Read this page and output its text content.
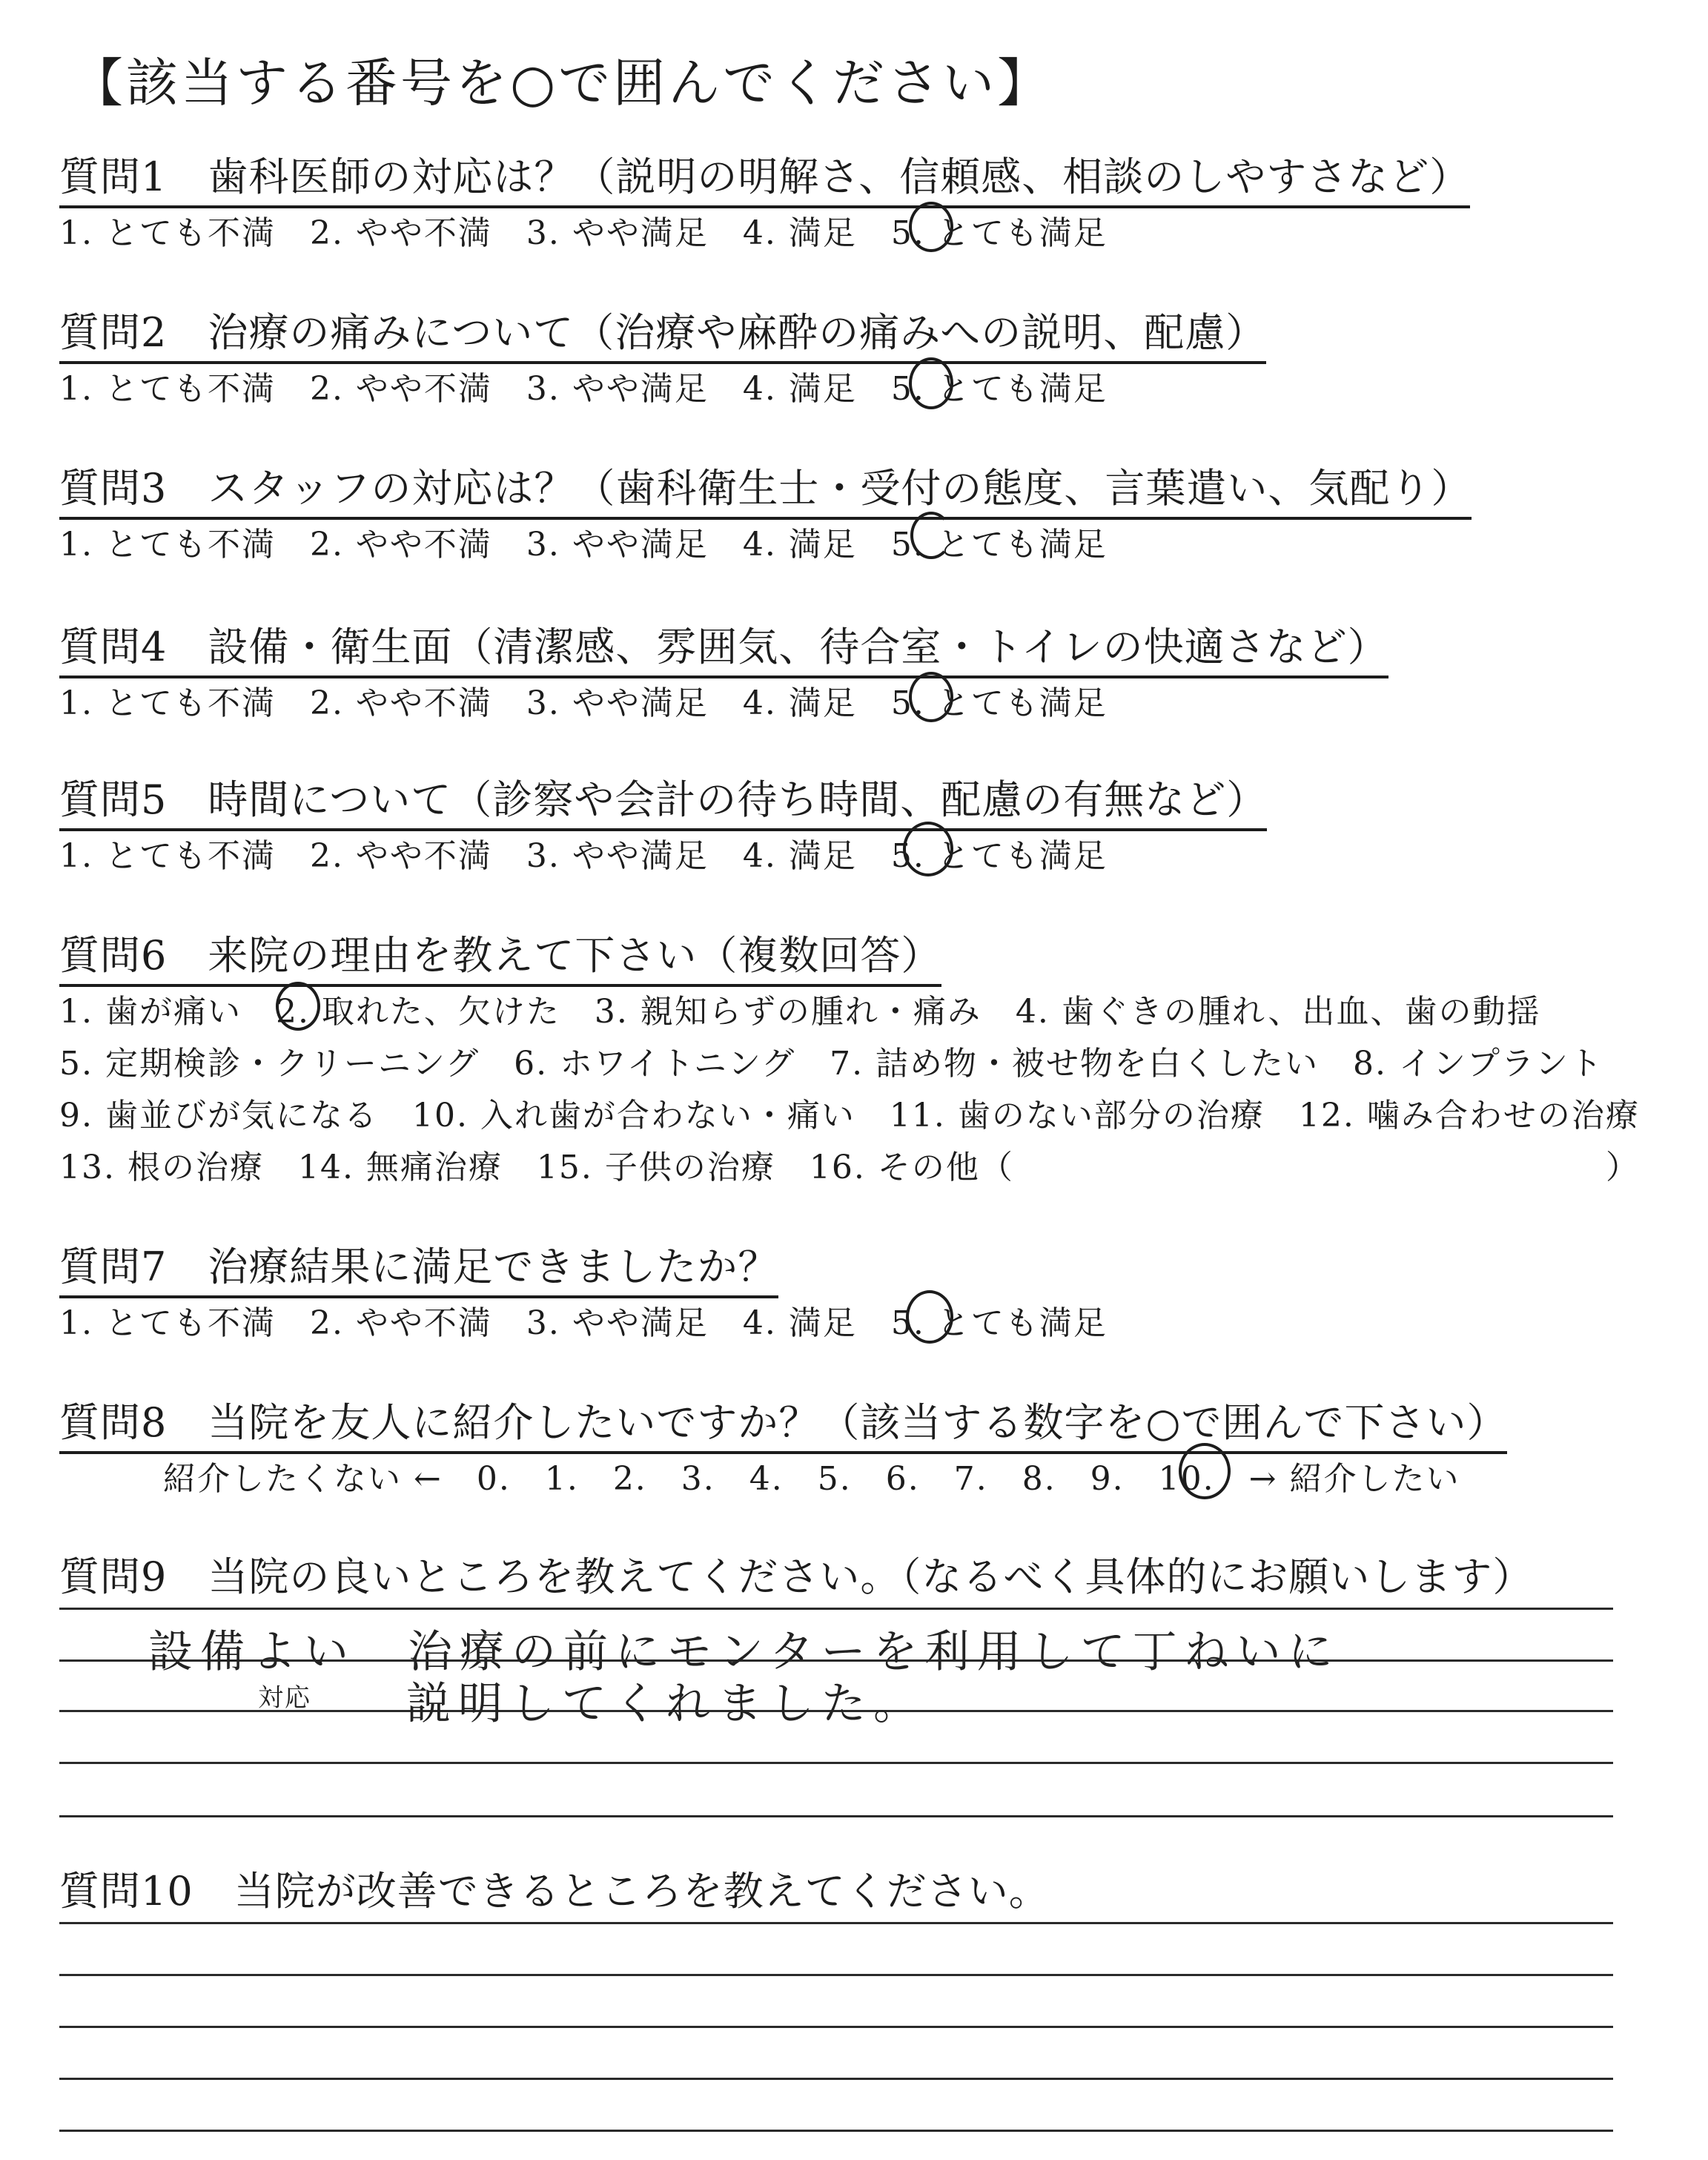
【該当する番号を○で囲んでください】
質問1　歯科医師の対応は？（説明の明解さ、信頼感、相談のしやすさなど）
1. とても不満　2. やや不満　3. やや満足　4. 満足　5. とても満足
質問2　治療の痛みについて（治療や麻酔の痛みへの説明、配慮）
1. とても不満　2. やや不満　3. やや満足　4. 満足　5. とても満足
質問3　スタッフの対応は？（歯科衛生士・受付の態度、言葉遣い、気配り）
1. とても不満　2. やや不満　3. やや満足　4. 満足　5. とても満足
質問4　設備・衛生面（清潔感、雰囲気、待合室・トイレの快適さなど）
1. とても不満　2. やや不満　3. やや満足　4. 満足　5. とても満足
質問5　時間について（診察や会計の待ち時間、配慮の有無など）
1. とても不満　2. やや不満　3. やや満足　4. 満足　5. とても満足
質問6　来院の理由を教えて下さい（複数回答）
1. 歯が痛い　2. 取れた、欠けた　3. 親知らずの腫れ・痛み　4. 歯ぐきの腫れ、出血、歯の動揺
5. 定期検診・クリーニング　6. ホワイトニング　7. 詰め物・被せ物を白くしたい　8. インプラント
9. 歯並びが気になる　10. 入れ歯が合わない・痛い　11. 歯のない部分の治療　12. 噛み合わせの治療
13. 根の治療　14. 無痛治療　15. 子供の治療　16. その他（	）
質問7　治療結果に満足できましたか？
1. とても不満　2. やや不満　3. やや満足　4. 満足　5. とても満足
質問8　当院を友人に紹介したいですか？（該当する数字を○で囲んで下さい）
紹介したくない ←　0.　1.　2.　3.　4.　5.　6.　7.　8.　9.　10.　→ 紹介したい
質問9　当院の良いところを教えてください。（なるべく具体的にお願いします）
設備よい　治療の前にモンターを利用して丁ねいに
対応 説明してくれました。
質問10　当院が改善できるところを教えてください。
